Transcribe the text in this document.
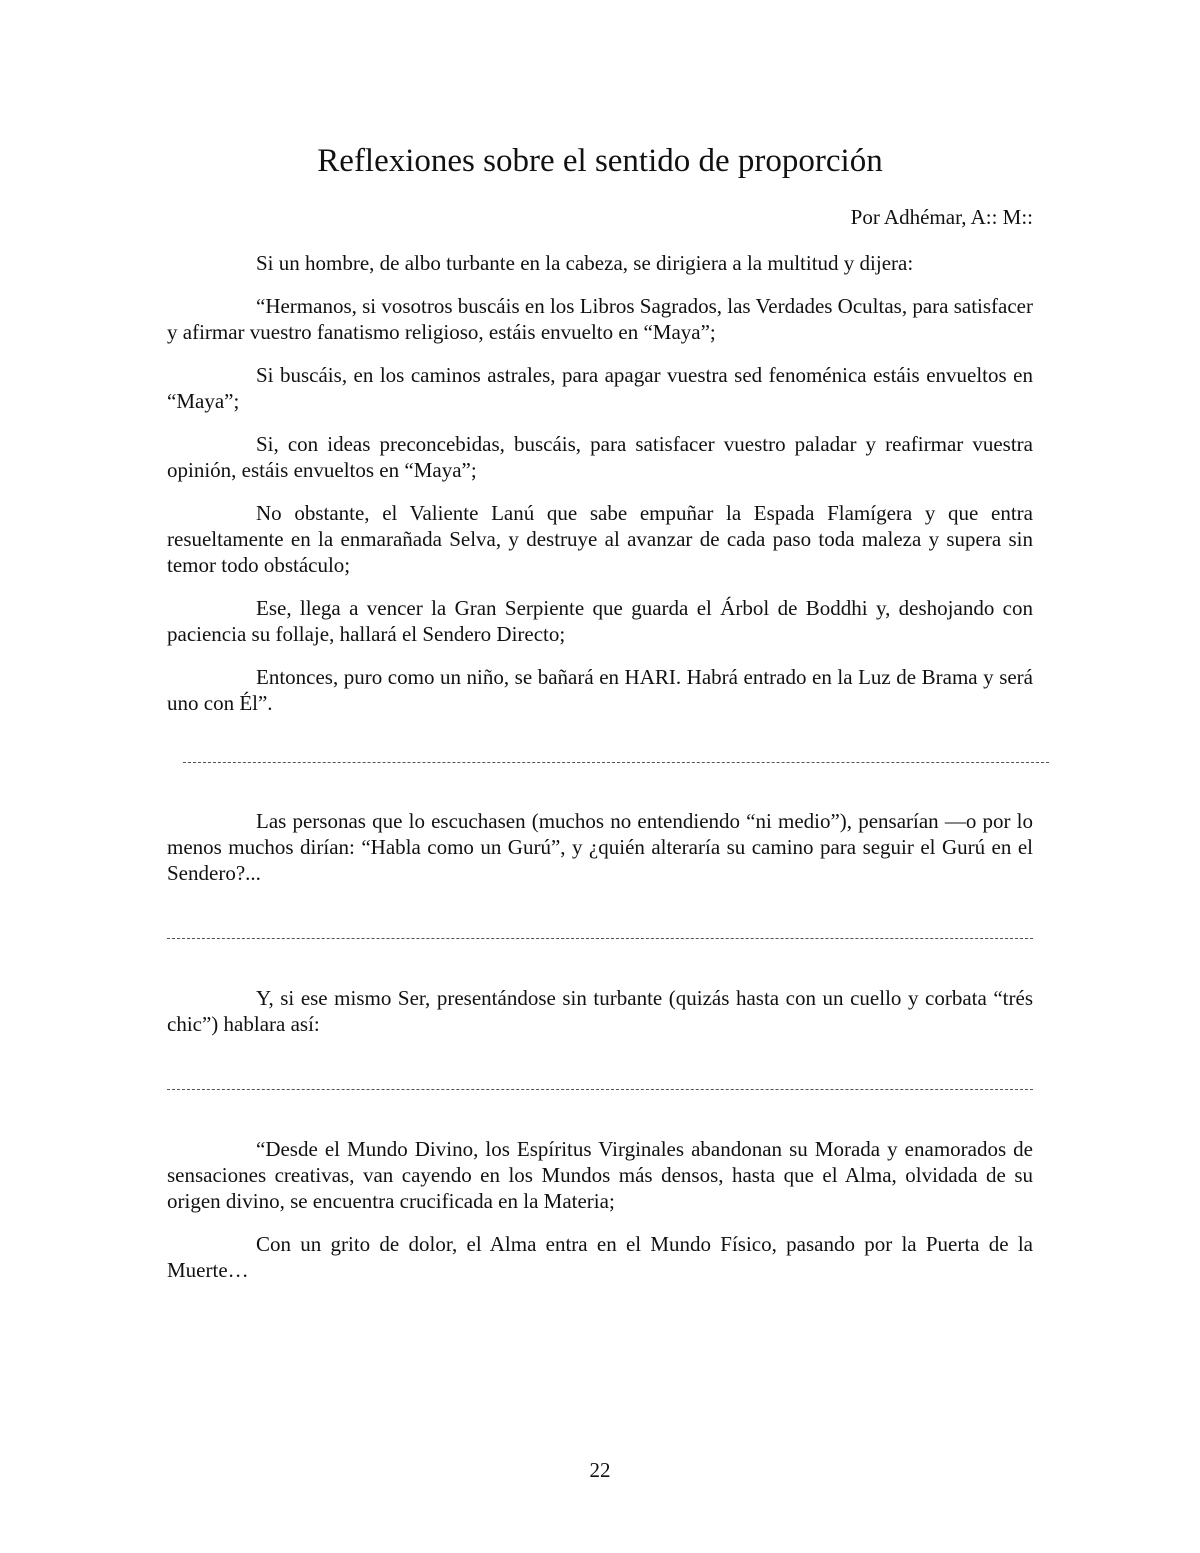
Reflexiones sobre el sentido de proporción
Por Adhémar, A:: M::

Si un hombre, de albo turbante en la cabeza, se dirigiera a la multitud y dijera:

“Hermanos, si vosotros buscáis en los Libros Sagrados, las Verdades Ocultas, para satisfacer y afirmar vuestro fanatismo religioso, estáis envuelto en “Maya”;

Si buscáis, en los caminos astrales, para apagar vuestra sed fenoménica estáis envueltos en “Maya”;

Si, con ideas preconcebidas, buscáis, para satisfacer vuestro paladar y reafirmar vuestra opinión, estáis envueltos en “Maya”;

No obstante, el Valiente Lanú que sabe empuñar la Espada Flamígera y que entra resueltamente en la enmarañada Selva, y destruye al avanzar de cada paso toda maleza y supera sin temor todo obstáculo;

Ese, llega a vencer la Gran Serpiente que guarda el Árbol de Boddhi y, deshojando con paciencia su follaje, hallará el Sendero Directo;

Entonces, puro como un niño, se bañará en HARI. Habrá entrado en la Luz de Brama y será uno con Él”.

Las personas que lo escuchasen (muchos no entendiendo “ni medio”), pensarían —o por lo menos muchos dirían: “Habla como un Gurú”, y ¿quién alteraría su camino para seguir el Gurú en el Sendero?...

Y, si ese mismo Ser, presentándose sin turbante (quizás hasta con un cuello y corbata “trés chic”) hablara así:

“Desde el Mundo Divino, los Espíritus Virginales abandonan su Morada y enamorados de sensaciones creativas, van cayendo en los Mundos más densos, hasta que el Alma, olvidada de su origen divino, se encuentra crucificada en la Materia;

Con un grito de dolor, el Alma entra en el Mundo Físico, pasando por la Puerta de la Muerte…

22
